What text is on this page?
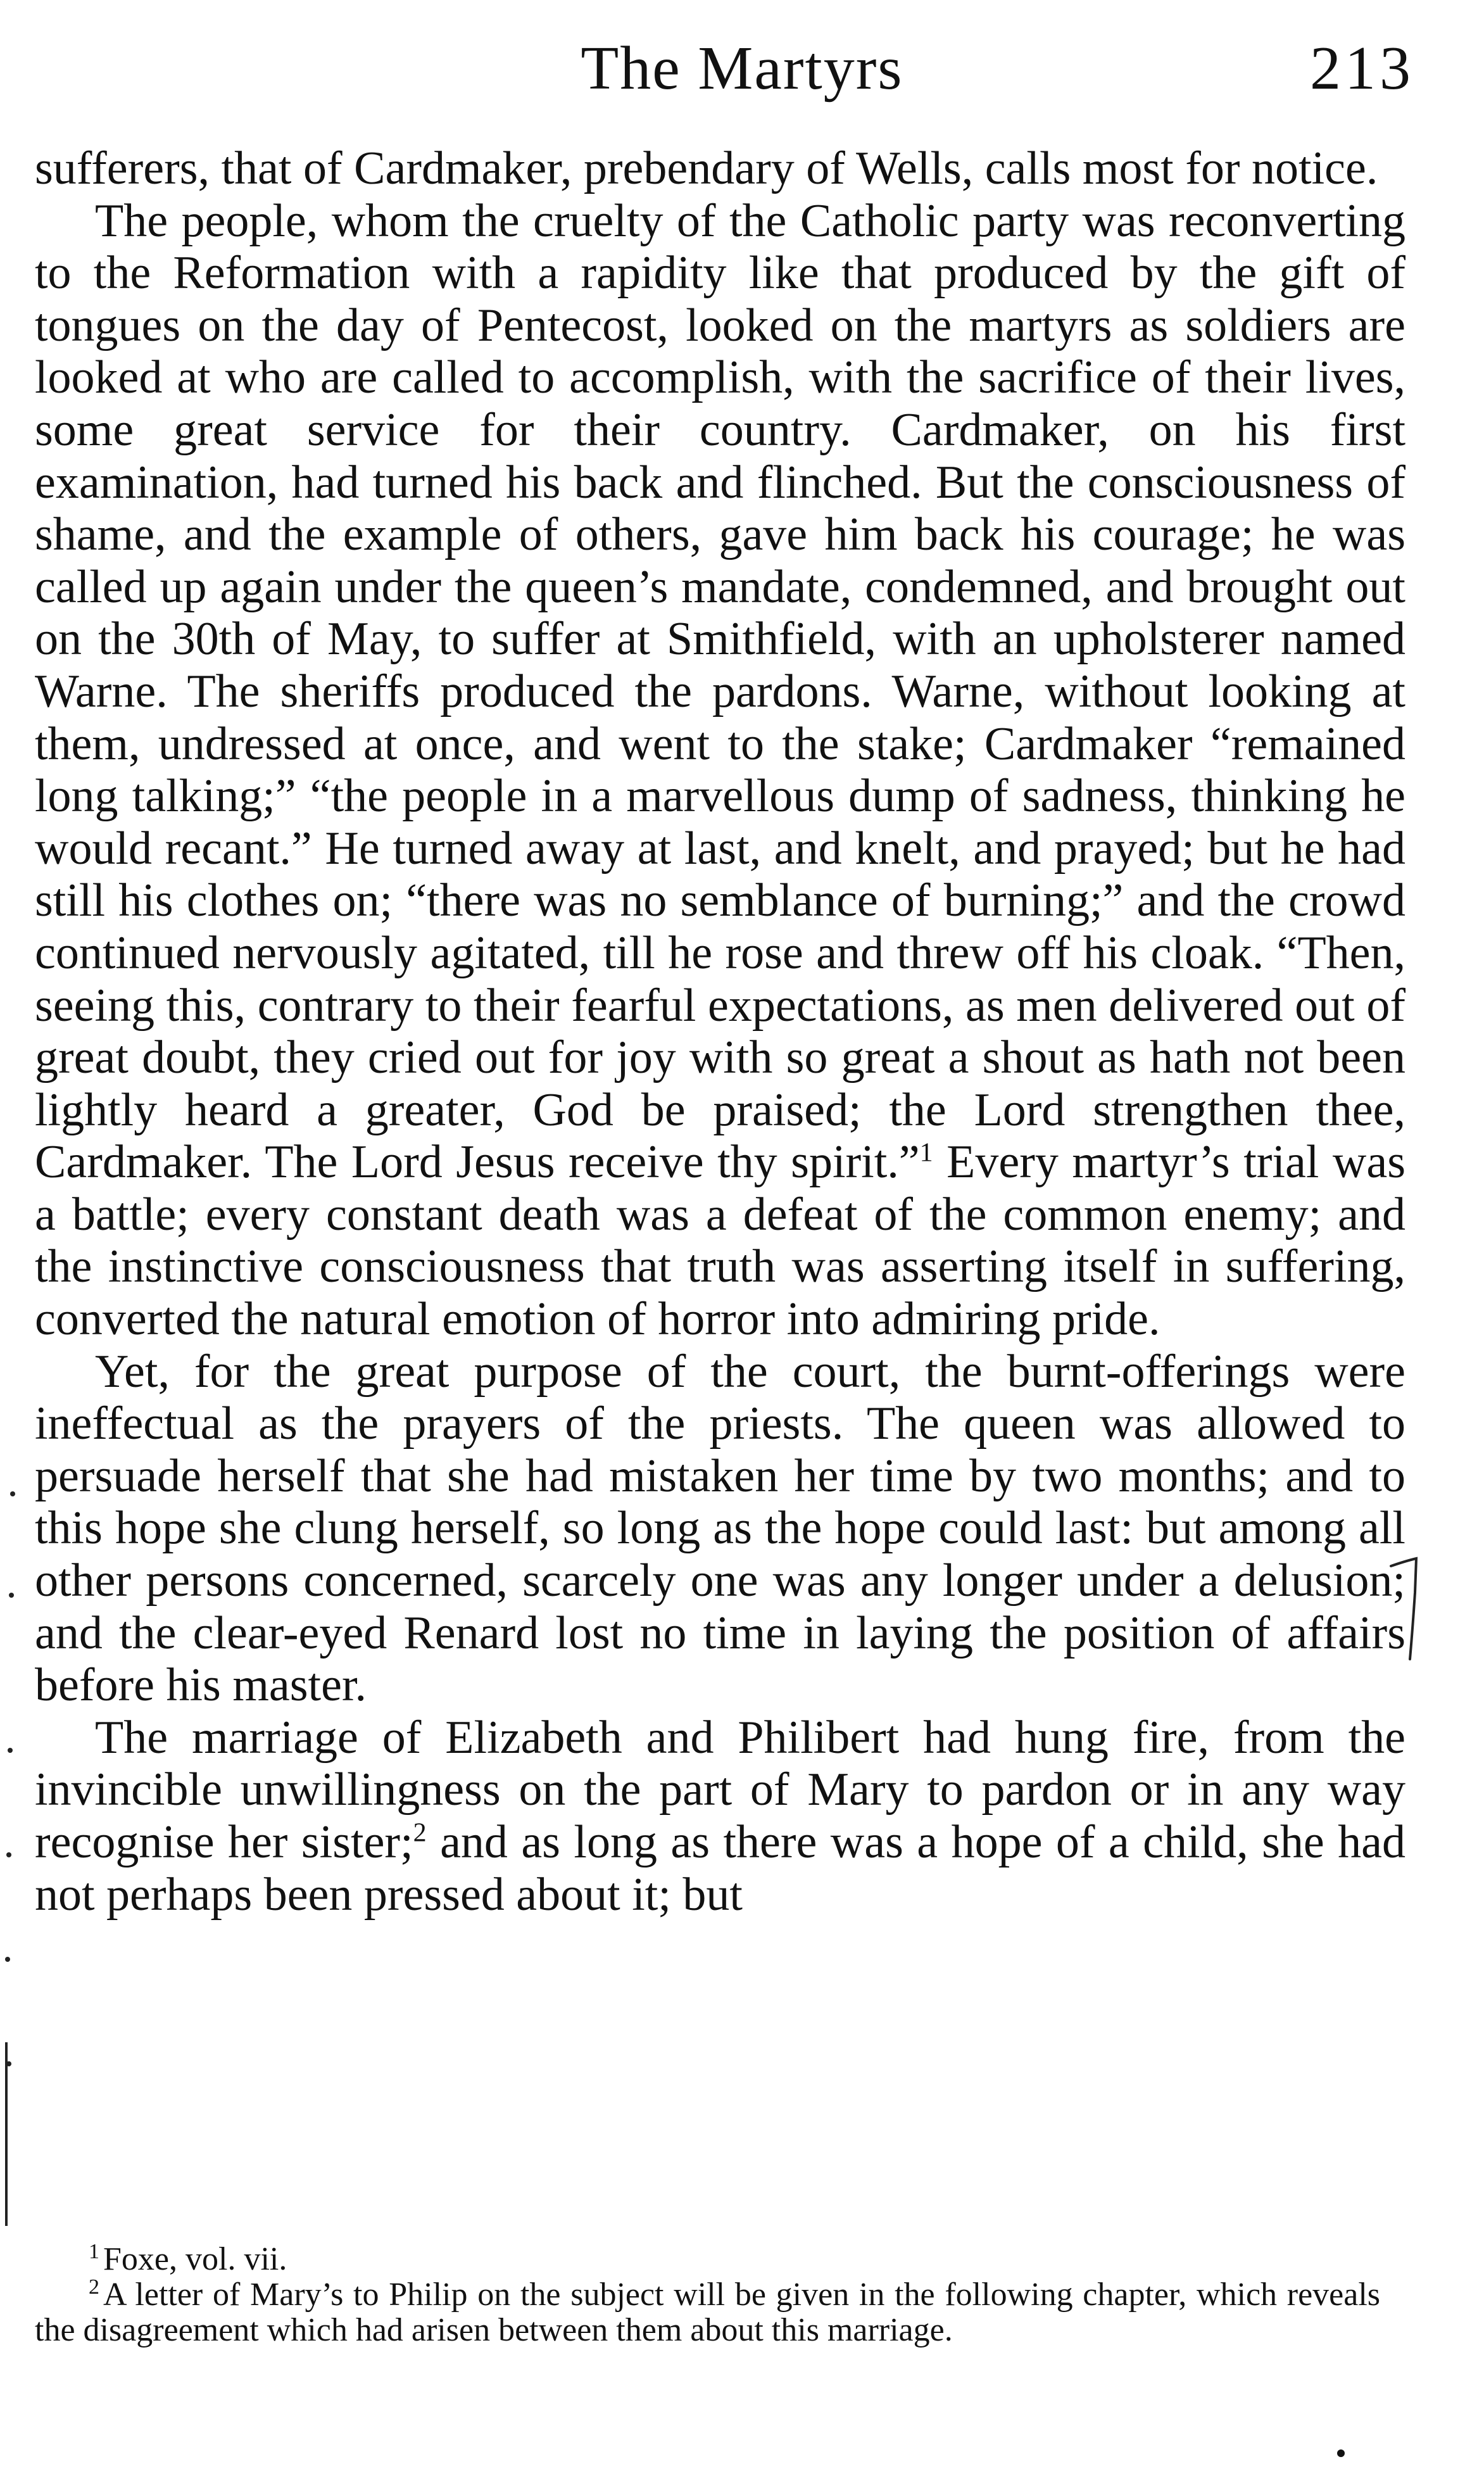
The Martyrs	213

sufferers, that of Cardmaker, prebendary of Wells, calls most for notice.

The people, whom the cruelty of the Catholic party was reconverting to the Reformation with a rapidity like that produced by the gift of tongues on the day of Pentecost, looked on the martyrs as soldiers are looked at who are called to accomplish, with the sacrifice of their lives, some great service for their country. Cardmaker, on his first examination, had turned his back and flinched. But the consciousness of shame, and the example of others, gave him back his courage; he was called up again under the queen’s mandate, condemned, and brought out on the 30th of May, to suffer at Smithfield, with an upholsterer named Warne. The sheriffs produced the pardons. Warne, without looking at them, undressed at once, and went to the stake; Cardmaker “remained long talking;” “the people in a marvellous dump of sadness, thinking he would recant.” He turned away at last, and knelt, and prayed; but he had still his clothes on; “there was no semblance of burning;” and the crowd continued nervously agitated, till he rose and threw off his cloak. “Then, seeing this, contrary to their fearful expectations, as men delivered out of great doubt, they cried out for joy with so great a shout as hath not been lightly heard a greater, God be praised; the Lord strengthen thee, Cardmaker. The Lord Jesus receive thy spirit.”$^1$ Every martyr’s trial was a battle; every constant death was a defeat of the common enemy; and the instinctive consciousness that truth was asserting itself in suffering, converted the natural emotion of horror into admiring pride.

Yet, for the great purpose of the court, the burnt-offerings were ineffectual as the prayers of the priests. The queen was allowed to persuade herself that she had mistaken her time by two months; and to this hope she clung herself, so long as the hope could last: but among all other persons concerned, scarcely one was any longer under a delusion; and the clear-eyed Renard lost no time in laying the position of affairs before his master.

The marriage of Elizabeth and Philibert had hung fire, from the invincible unwillingness on the part of Mary to pardon or in any way recognise her sister;$^2$ and as long as there was a hope of a child, she had not perhaps been pressed about it; but

$^1$ Foxe, vol. vii.

$^2$ A letter of Mary’s to Philip on the subject will be given in the following chapter, which reveals the disagreement which had arisen between them about this marriage.
